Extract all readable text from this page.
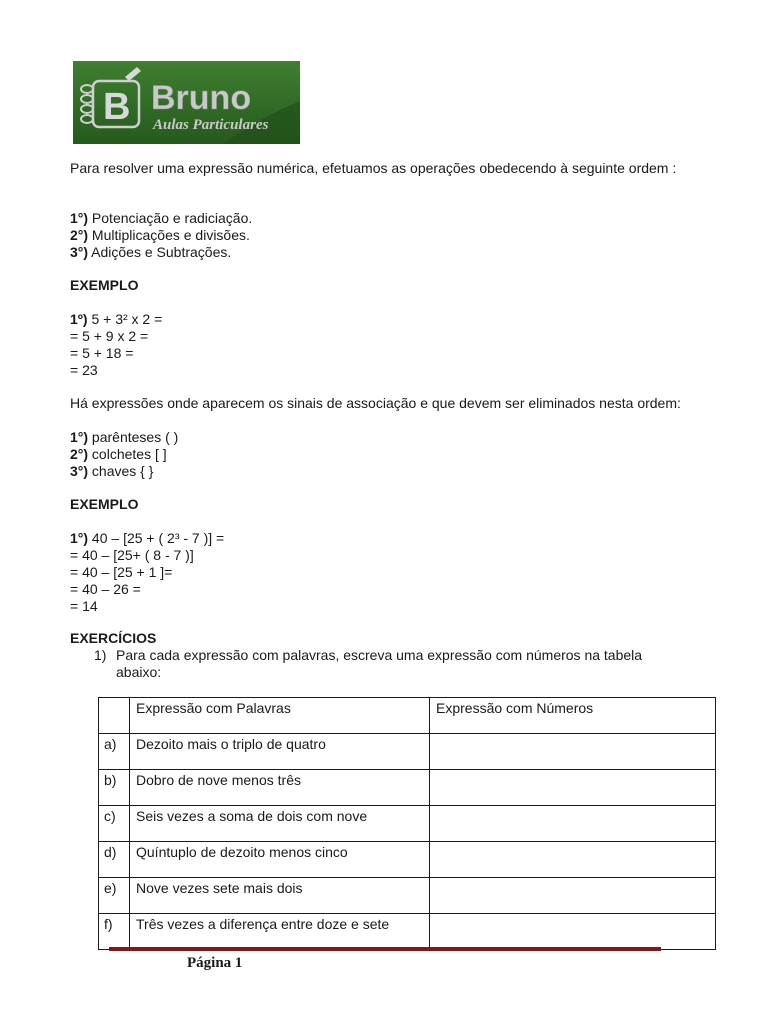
B Bruno
Aulas Particulares
Para resolver uma expressão numérica, efetuamos as operações obedecendo à seguinte ordem :
1°) Potenciação e radiciação.
2°) Multiplicações e divisões.
3°) Adições e Subtrações.
EXEMPLO
1º) 5 + 3² x 2 =
= 5 + 9 x 2 =
= 5 + 18 =
= 23
Há expressões onde aparecem os sinais de associação e que devem ser eliminados nesta ordem:
1°) parênteses ( )
2°) colchetes [ ]
3°) chaves { }
EXEMPLO
1°) 40 – [25 + ( 2³ - 7 )] =
= 40 – [25+ ( 8 - 7 )]
= 40 – [25 + 1 ]=
= 40 – 26 =
= 14
EXERCÍCIOS
1) Para cada expressão com palavras, escreva uma expressão com números na tabela
abaixo:
	Expressão com Palavras	Expressão com Números
a)	Dezoito mais o triplo de quatro	
b)	Dobro de nove menos três	
c)	Seis vezes a soma de dois com nove	
d)	Quíntuplo de dezoito menos cinco	
e)	Nove vezes sete mais dois	
f)	Três vezes a diferença entre doze e sete	
Página 1
